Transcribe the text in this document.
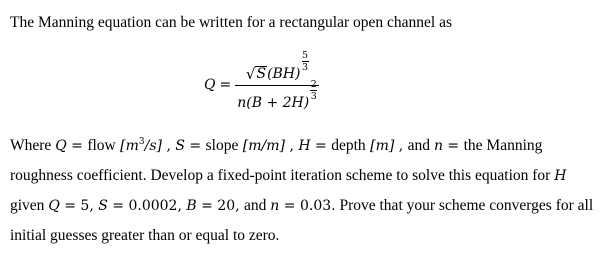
The Manning equation can be written for a rectangular open channel as

Q =
√ S (BH)
5
3
n (B + 2H)
2
3

Where Q = flow $[m^3/s]$ , S = slope [m/m] , H = depth [m] , and n = the Manning
roughness coefficient. Develop a fixed-point iteration scheme to solve this equation for H
given Q = 5, S = 0.0002, B = 20, and n = 0.03. Prove that your scheme converges for all
initial guesses greater than or equal to zero.
